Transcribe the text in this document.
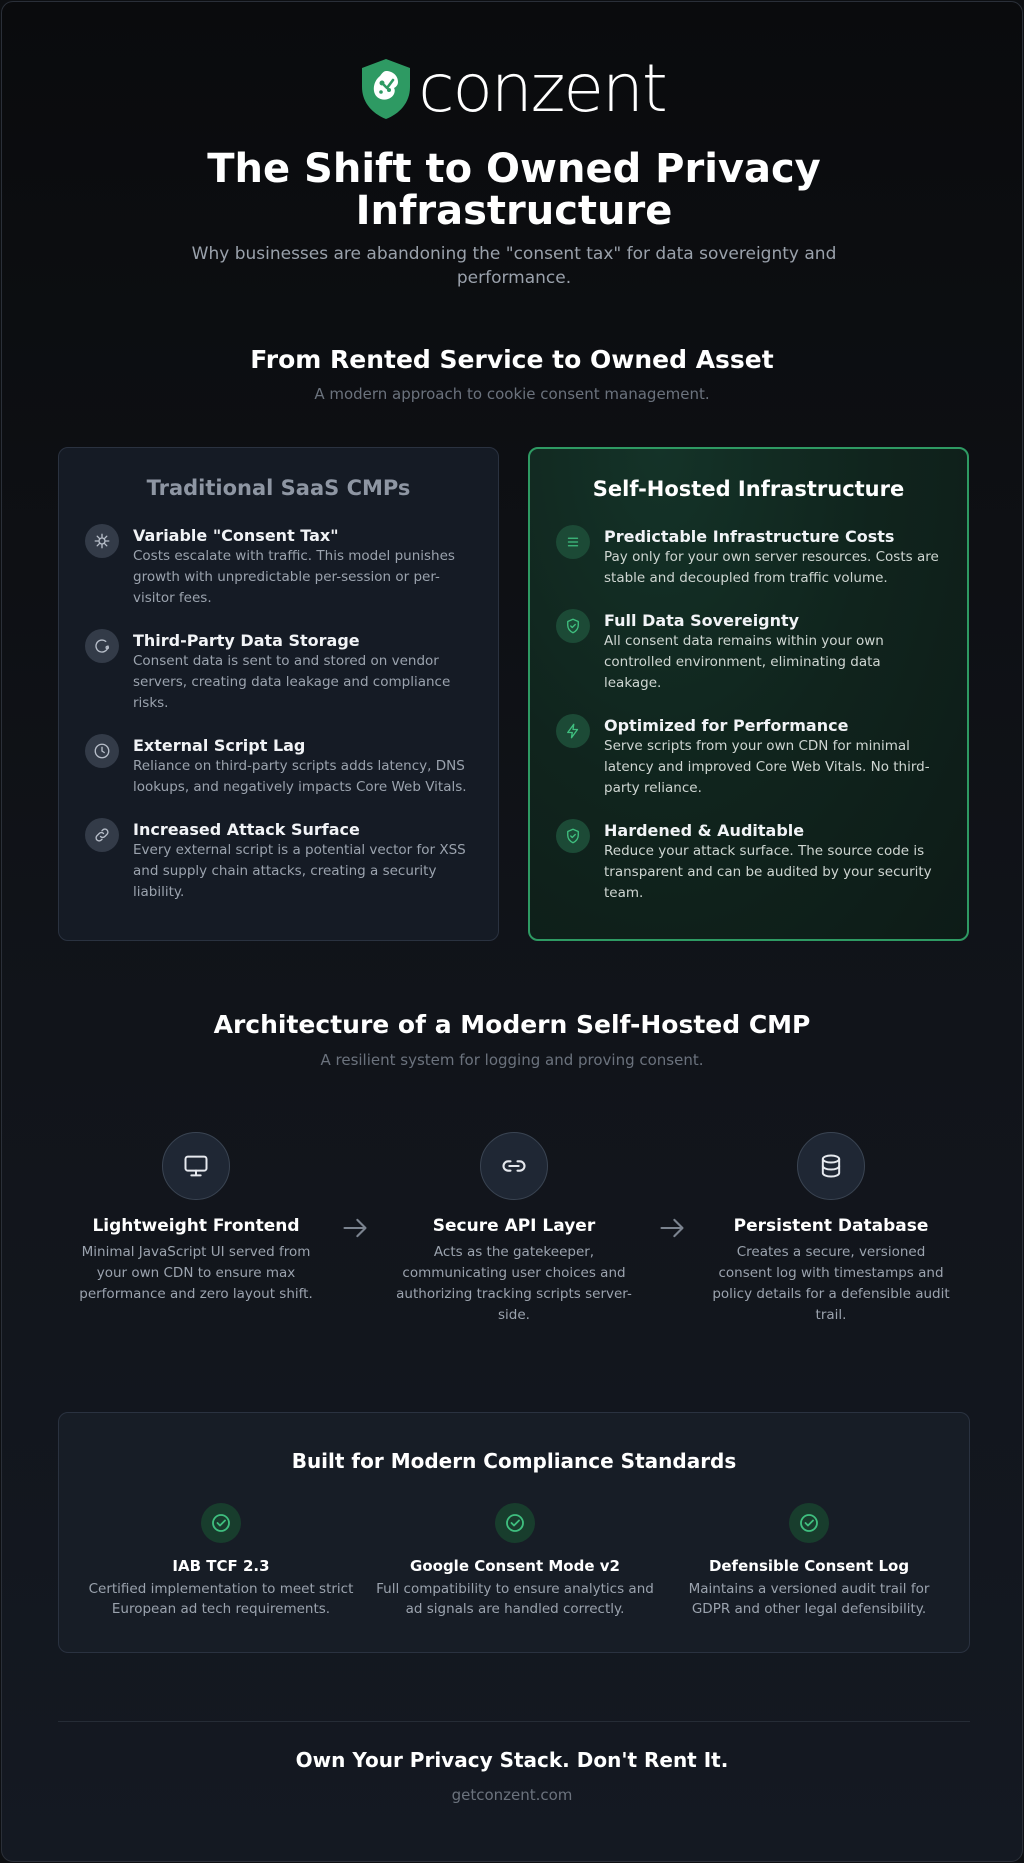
conzent
The Shift to Owned Privacy Infrastructure

Why businesses are abandoning the "consent tax" for data sovereignty and performance.

From Rented Service to Owned Asset

A modern approach to cookie consent management.

Traditional SaaS CMPs
Variable "Consent Tax"
Costs escalate with traffic. This model punishes growth with unpredictable per-session or per-visitor fees.
Third-Party Data Storage
Consent data is sent to and stored on vendor servers, creating data leakage and compliance risks.
External Script Lag
Reliance on third-party scripts adds latency, DNS lookups, and negatively impacts Core Web Vitals.
Increased Attack Surface
Every external script is a potential vector for XSS and supply chain attacks, creating a security liability.
Self-Hosted Infrastructure
Predictable Infrastructure Costs
Pay only for your own server resources. Costs are stable and decoupled from traffic volume.
Full Data Sovereignty
All consent data remains within your own controlled environment, eliminating data leakage.
Optimized for Performance
Serve scripts from your own CDN for minimal latency and improved Core Web Vitals. No third-party reliance.
Hardened & Auditable
Reduce your attack surface. The source code is transparent and can be audited by your security team.
Architecture of a Modern Self-Hosted CMP

A resilient system for logging and proving consent.

Lightweight Frontend
Minimal JavaScript UI served from your own CDN to ensure max performance and zero layout shift.
Secure API Layer
Acts as the gatekeeper, communicating user choices and authorizing tracking scripts server-side.
Persistent Database
Creates a secure, versioned consent log with timestamps and policy details for a defensible audit trail.
Built for Modern Compliance Standards
IAB TCF 2.3
Certified implementation to meet strict European ad tech requirements.
Google Consent Mode v2
Full compatibility to ensure analytics and ad signals are handled correctly.
Defensible Consent Log
Maintains a versioned audit trail for GDPR and other legal defensibility.
Own Your Privacy Stack. Don't Rent It.
getconzent.com
